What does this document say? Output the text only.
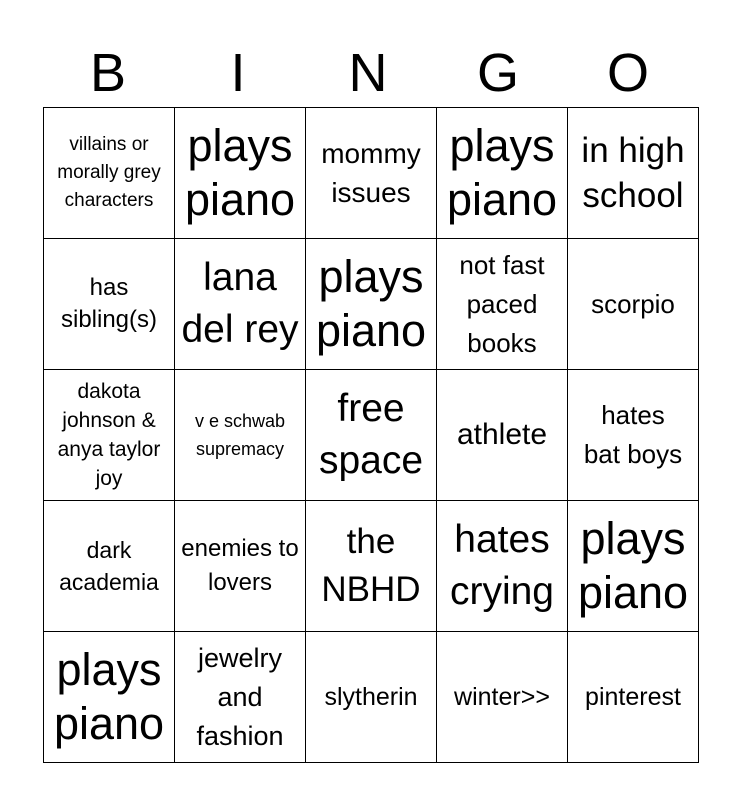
B	I	N	G	O
villains or morally grey characters	plays piano	mommy issues	plays piano	in high school

has sibling(s)	lana del rey	plays piano	not fast paced books	scorpio

dakota johnson & anya taylor joy	v e schwab supremacy	free space	athlete	hates bat boys

dark academia	enemies to lovers	the NBHD	hates crying	plays piano

plays piano	jewelry and fashion	slytherin	winter>>	pinterest
